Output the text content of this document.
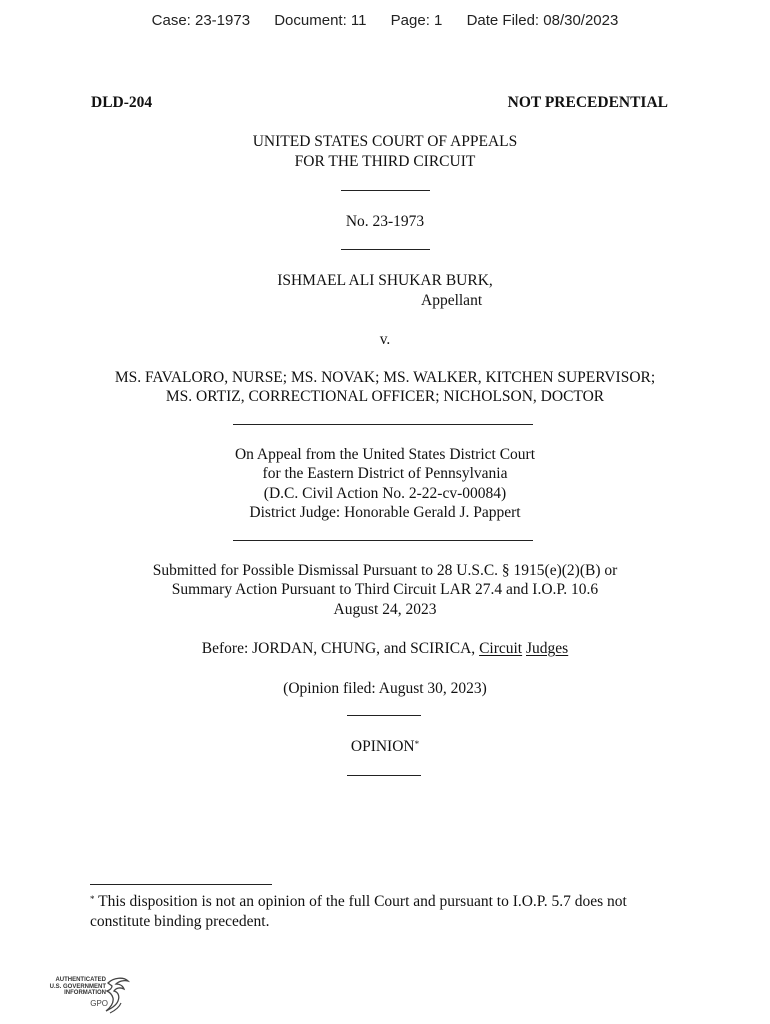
Case: 23-1973 Document: 11 Page: 1 Date Filed: 08/30/2023
DLD-204	NOT PRECEDENTIAL
UNITED STATES COURT OF APPEALS
FOR THE THIRD CIRCUIT
No. 23-1973
ISHMAEL ALI SHUKAR BURK,
Appellant
v.
MS. FAVALORO, NURSE; MS. NOVAK; MS. WALKER, KITCHEN SUPERVISOR;
MS. ORTIZ, CORRECTIONAL OFFICER; NICHOLSON, DOCTOR
On Appeal from the United States District Court
for the Eastern District of Pennsylvania
(D.C. Civil Action No. 2-22-cv-00084)
District Judge: Honorable Gerald J. Pappert
Submitted for Possible Dismissal Pursuant to 28 U.S.C. § 1915(e)(2)(B) or
Summary Action Pursuant to Third Circuit LAR 27.4 and I.O.P. 10.6
August 24, 2023
Before: JORDAN, CHUNG, and SCIRICA, Circuit Judges
(Opinion filed: August 30, 2023)
OPINION*
* This disposition is not an opinion of the full Court and pursuant to I.O.P. 5.7 does not
constitute binding precedent.
AUTHENTICATED
U.S. GOVERNMENT
INFORMATION
GPO
